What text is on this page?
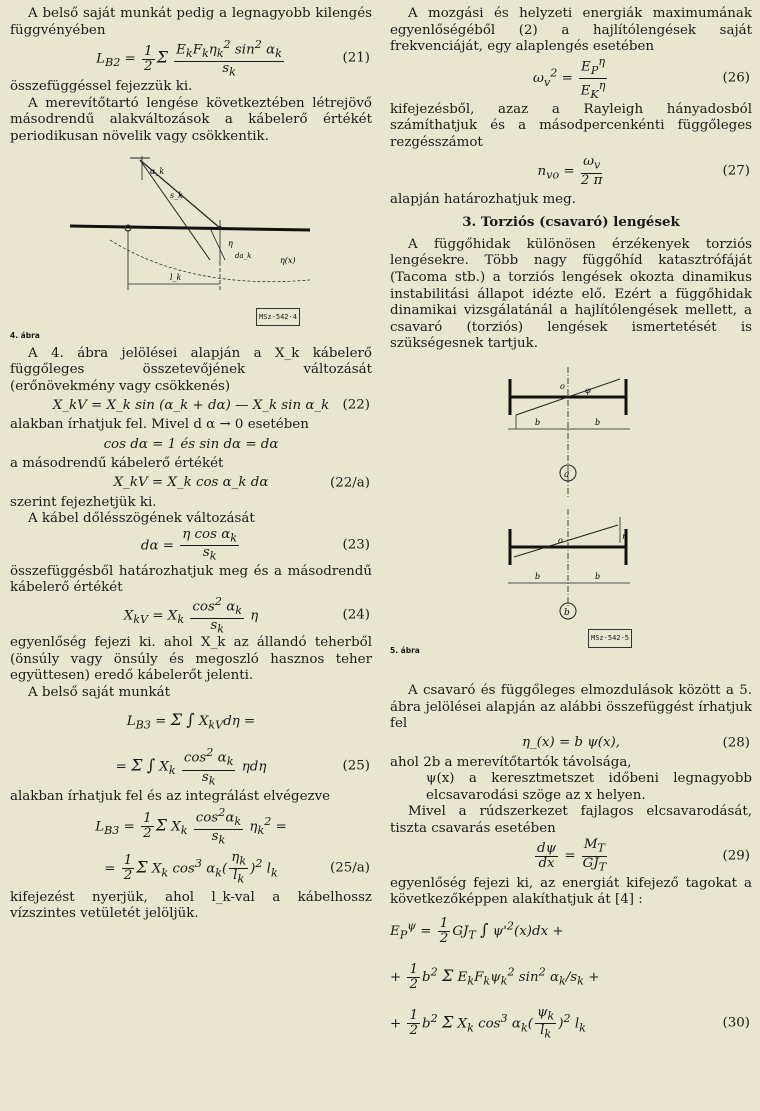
A belső saját munkát pedig a legnagyobb kilengés függvényében

$L_{B2} = \frac{1}{2}$ Σ $\frac{E_kF_k\eta_k^2 \sin^2 \alpha_k}{s_k}$	(21)

összefüggéssel fejezzük ki.

A merevítőtartó lengése következtében létrejövő másodrendű alakváltozások a kábelerő értékét periodikusan növelik vagy csökkentik.

α_k
s_k
η
η(x)
l_k
da_k
4. ábra
MSz-542-4

A 4. ábra jelölései alapján a X_k kábelerő függőleges összetevőjének változását (erőnövekmény vagy csökkenés)

X_kV = X_k sin (α_k + dα) — X_k sin α_k (22)

alakban írhatjuk fel. Mivel d α → 0 esetében

cos dα = 1 és sin dα = dα

a másodrendű kábelerő értékét

X_kV = X_k cos α_k dα	(22/a)

szerint fejezhetjük ki.

A kábel dőlésszögének változását

$d\alpha = \frac{\eta \cos \alpha_k}{s_k}$	(23)

összefüggésből határozhatjuk meg és a másodrendű kábelerő értékét

$X_{kV} = X_k \frac{\cos^2 \alpha_k}{s_k}$ η	(24)

egyenlőség fejezi ki. ahol X_k az állandó teherből (önsúly vagy önsúly és megoszló hasznos teher együttesen) eredő kábelerőt jelenti.

A belső saját munkát

$L_{B3} = \Sigma$ ∫ $X_{kV}d\eta$ =
= Σ ∫ $X_k \frac{\cos^2 \alpha_k}{s_k}$ ηdη	(25)

alakban írhatjuk fel és az integrálást elvégezve

$L_{B3} = \frac{1}{2}$ Σ $X_k \frac{\cos^2\alpha_k}{s_k} \eta_k^2$ =
= $\frac{1}{2}$ Σ $X_k$ $\cos^3 \alpha_k( \frac{\eta_k}{l_k} )^2$ $l_k$	(25/a)

kifejezést nyerjük, ahol l_k-val a kábelhossz vízszintes vetületét jelöljük.

A mozgási és helyzeti energiák maximumának egyenlőségéből (2) a hajlítólengések saját frekvenciáját, egy alaplengés esetében

$\omega_v^2 = \frac{E_P^\eta}{E_K^\eta}$	(26)

kifejezésből, azaz a Rayleigh hányadosból számíthatjuk és a másodpercenkénti függőleges rezgésszámot

$n_{vo} = \frac{\omega_v}{2 \pi}$	(27)

alapján határozhatjuk meg.

3. Torziós (csavaró) lengések

A függőhidak különösen érzékenyek torziós lengésekre. Több nagy függőhíd katasztrófáját (Tacoma stb.) a torziós lengések okozta dinamikus instabilitási állapot idézte elő. Ezért a függőhidak dinamikai vizsgálatánál a hajlítólengések mellett, a csavaró (torziós) lengések ismertetését is szükségesnek tartjuk.

o	φ
b	b
a
o
b	b
η
b
5. ábra
MSz-542-5

A csavaró és függőleges elmozdulások között a 5. ábra jelölései alapján az alábbi összefüggést írhatjuk fel

η_(x) = b ψ(x),	(28)

ahol 2b a merevítőtartók távolsága,

ψ(x) a keresztmetszet időbeni legnagyobb elcsavarodási szöge az x helyen.

Mivel a rúdszerkezet fajlagos elcsavarodását, tiszta csavarás esetében

$\frac{d\psi}{dx} = \frac{M_T}{GJ_T}$	(29)

egyenlőség fejezi ki, az energiát kifejező tagokat a következőképpen alakíthatjuk át [4] :

$E_P^\psi = \frac{1}{2} GJ_T$ ∫ $\psi'^2(x)dx$ +
+ $\frac{1}{2} b^2$ Σ $E_kF_k\psi_k^2$ $\sin^2 \alpha_k/s_k$ +
+ $\frac{1}{2} b^2$ Σ $X_k$ $\cos^3 \alpha_k( \frac{\psi_k}{l_k} )^2$ $l_k$	(30)
